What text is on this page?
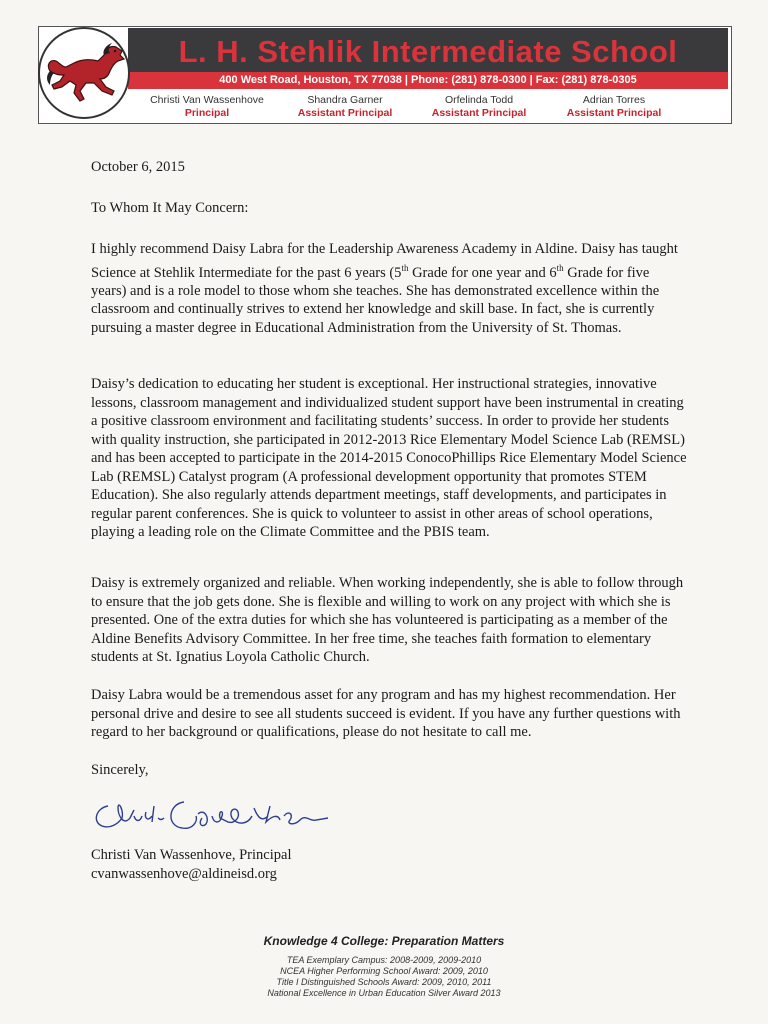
L. H. Stehlik Intermediate School
400 West Road, Houston, TX 77038 | Phone: (281) 878-0300 | Fax: (281) 878-0305
Christi Van Wassenhove
Principal
Shandra Garner
Assistant Principal
Orfelinda Todd
Assistant Principal
Adrian Torres
Assistant Principal
October 6, 2015
To Whom It May Concern:

I highly recommend Daisy Labra for the Leadership Awareness Academy in Aldine. Daisy has taught Science at Stehlik Intermediate for the past 6 years (5th Grade for one year and 6th Grade for five years) and is a role model to those whom she teaches. She has demonstrated excellence within the classroom and continually strives to extend her knowledge and skill base. In fact, she is currently pursuing a master degree in Educational Administration from the University of St. Thomas.

Daisy’s dedication to educating her student is exceptional. Her instructional strategies, innovative lessons, classroom management and individualized student support have been instrumental in creating a positive classroom environment and facilitating students’ success. In order to provide her students with quality instruction, she participated in 2012-2013 Rice Elementary Model Science Lab (REMSL) and has been accepted to participate in the 2014-2015 ConocoPhillips Rice Elementary Model Science Lab (REMSL) Catalyst program (A professional development opportunity that promotes STEM Education). She also regularly attends department meetings, staff developments, and participates in regular parent conferences. She is quick to volunteer to assist in other areas of school operations, playing a leading role on the Climate Committee and the PBIS team.

Daisy is extremely organized and reliable. When working independently, she is able to follow through to ensure that the job gets done. She is flexible and willing to work on any project with which she is presented. One of the extra duties for which she has volunteered is participating as a member of the Aldine Benefits Advisory Committee. In her free time, she teaches faith formation to elementary students at St. Ignatius Loyola Catholic Church.

Daisy Labra would be a tremendous asset for any program and has my highest recommendation. Her personal drive and desire to see all students succeed is evident. If you have any further questions with regard to her background or qualifications, please do not hesitate to call me.

Sincerely,
Christi Van Wassenhove, Principal
cvanwassenhove@aldineisd.org
Knowledge 4 College: Preparation Matters
TEA Exemplary Campus: 2008-2009, 2009-2010
NCEA Higher Performing School Award: 2009, 2010
Title I Distinguished Schools Award: 2009, 2010, 2011
National Excellence in Urban Education Silver Award 2013
